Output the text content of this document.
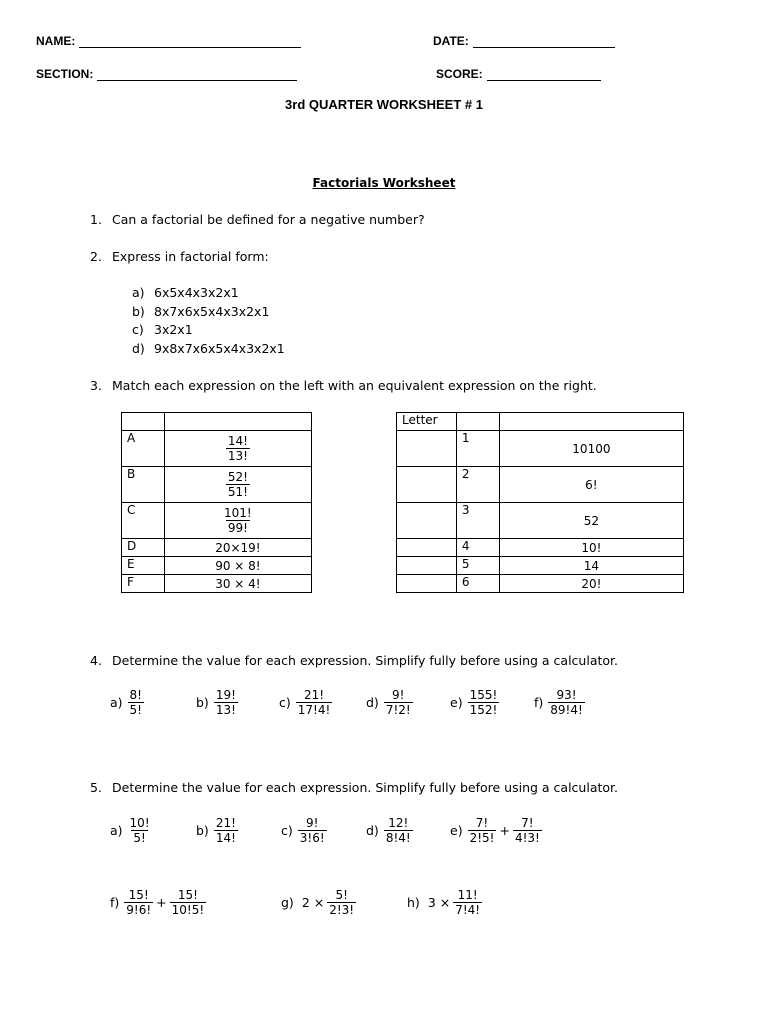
NAME:	DATE:
SECTION:	SCORE:
3rd QUARTER WORKSHEET # 1
Factorials Worksheet
1. Can a factorial be defined for a negative number?
2. Express in factorial form:
a) 6x5x4x3x2x1
b) 8x7x6x5x4x3x2x1
c) 3x2x1
d) 9x8x7x6x5x4x3x2x1
3. Match each expression on the left with an equivalent expression on the right.

A	$\frac{14!}{13!}$

B	$\frac{52!}{51!}$

C	$\frac{101!}{99!}$

D	20×19!
E	90 × 8!
F	30 × 4!
Letter		
	1	10100
	2	6!
	3	52
	4	10!
	5	14
	6	20!
4. Determine the value for each expression. Simplify fully before using a calculator.
$a) \frac{8!}{5!}$	$b) \frac{19!}{13!}$	$c) \frac{21!}{17!4!}$	$d) \frac{9!}{7!2!}$	$e) \frac{155!}{152!}$	$f) \frac{93!}{89!4!}$
5. Determine the value for each expression. Simplify fully before using a calculator.
$a) \frac{10!}{5!}$	$b) \frac{21!}{14!}$	$c) \frac{9!}{3!6!}$	$d) \frac{12!}{8!4!}$	$e) \frac{7!}{2!5!} + \frac{7!}{4!3!}$
$f) \frac{15!}{9!6!} + \frac{15!}{10!5!}$	g) $2 \times \frac{5!}{2!3!}$	h) $3 \times \frac{11!}{7!4!}$
